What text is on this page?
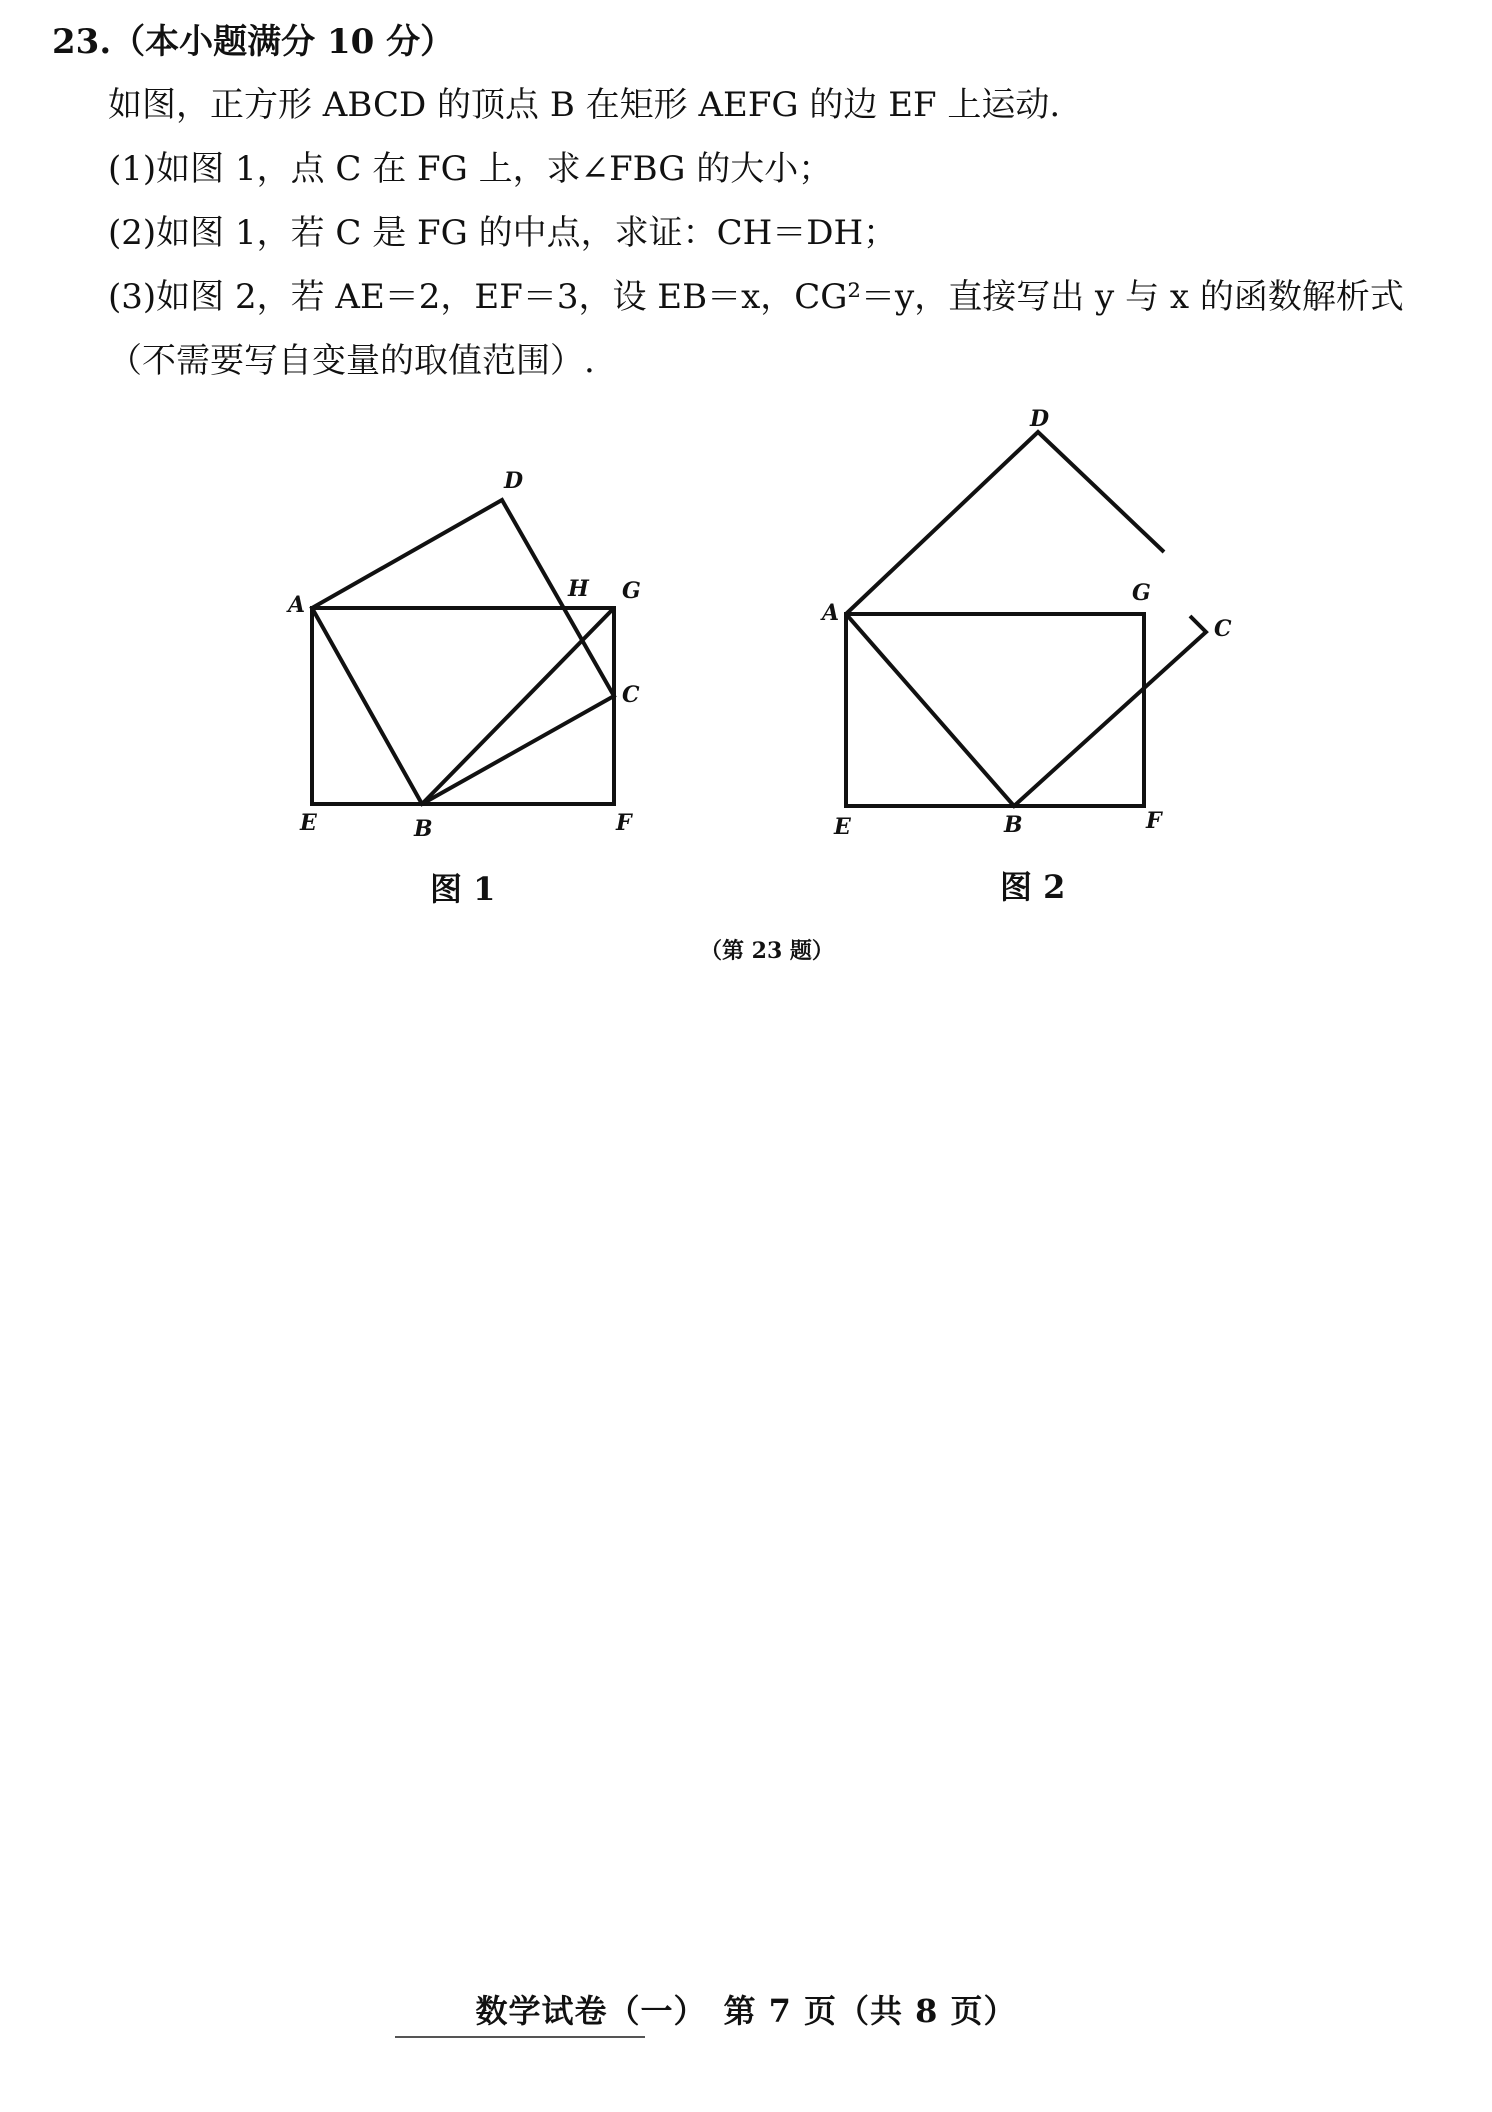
23.（本小题满分 10 分）

如图，正方形 ABCD 的顶点 B 在矩形 AEFG 的边 EF 上运动.

(1)如图 1，点 C 在 FG 上，求∠FBG 的大小；

(2)如图 1，若 C 是 FG 的中点，求证：CH＝DH；

(3)如图 2，若 AE＝2，EF＝3，设 EB＝x，CG²＝y，直接写出 y 与 x 的函数解析式

（不需要写自变量的取值范围）.

A
D
H G
C
E	B	F
图 1
A
D
G
C
E	B	F
图 2
（第 23 题）
数学试卷（一）　第 7 页（共 8 页）
